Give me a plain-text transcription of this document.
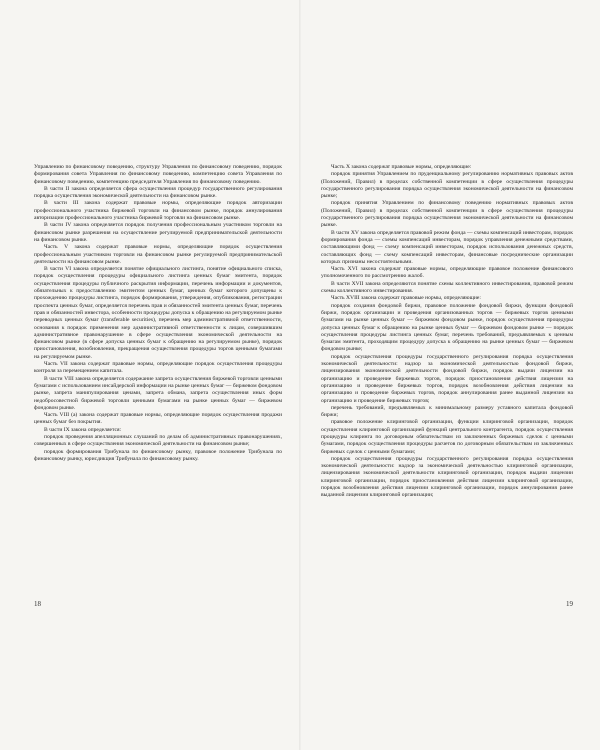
Управлению по финансовому поведению, структуру Управления по финансовому поведению, порядок формирования совета Управления по финансовому поведению, компетенцию совета Управления по финансовому поведению, компетенцию председателя Управления по финансовому поведению.

В части II закона определяется сфера осуществления процедур государственного регулирования порядка осуществления экономической деятельности на финансовом рынке.

В части III закона содержат правовые нормы, определяющие порядок авторизации профессионального участника биржевой торговли на финансовом рынке, порядок аннулирования авторизации профессионального участника биржевой торговли на финансовом рынке.

В части IV закона определяется порядок получения профессиональным участником торговли на финансовом рынке разрешения на осуществление регулируемой предпринимательской деятельности на финансовом рынке.

Часть V закона содержат правовые нормы, определяющие порядок осуществления профессиональным участником торговли на финансовом рынке регулируемой предпринимательской деятельности на финансовом рынке.

В части VI закона определяется понятие официального листинга, понятие официального списка, порядок осуществления процедуры официального листинга ценных бумаг эмитента, порядок осуществления процедуры публичного раскрытия информации, перечень информации и документов, обязательных к предоставлению эмитентом ценных бумаг, ценных бумаг которого допущены к прохождению процедуры листинга, порядок формирования, утверждения, опубликования, регистрации проспекта ценных бумаг, определяется перечень прав и обязанностей эмитента ценных бумаг, перечень прав и обязанностей инвестора, особенности процедуры допуска к обращению на регулируемом рынке переводных ценных бумаг (transferable securities), перечень мер административной ответственности, основания к порядок применения мер административной ответственности к лицам, совершившим административное правонарушение в сфере осуществления экономической деятельности на финансовом рынке (в сфере допуска ценных бумаг к обращению на регулируемом рынке), порядок приостановления, возобновления, прекращения осуществления процедуры торгов ценными бумагами на регулируемом рынке.

Часть VII закона содержат правовые нормы, определяющие порядок осуществления процедуры контроля за перемещением капитала.

В части VIII закона определяется содержание запрета осуществления биржевой торговли ценными бумагами с использованием инсайдерской информации на рынке ценных бумаг — биржевом фондовом рынке, запрета манипулирования ценами, запрета обмана, запрета осуществления иных форм недобросовестной биржевой торговли ценными бумагами на рынке ценных бумаг — биржевом фондовом рынке.

Часть VIII (а) закона содержат правовые нормы, определяющие порядок осуществления продажи ценных бумаг без покрытия.

В части IX закона определяется:

порядок проведения апелляционных слушаний по делам об административных правонарушениях, совершенных в сфере осуществления экономической деятельности на финансовом рынке;

порядок формирования Трибунала по финансовому рынку, правовое положение Трибунала по финансовому рынку, юрисдикция Трибунала по финансовому рынку.

18

Часть X закона содержат правовые нормы, определяющие:

порядок принятия Управлением по пруденциальному регулированию нормативных правовых актов (Положений, Правил) в пределах собственной компетенции в сфере осуществления процедуры государственного регулирования порядка осуществления экономической деятельности на финансовом рынке;

порядок принятия Управлением по финансовому поведению нормативных правовых актов (Положений, Правил) в пределах собственной компетенции в сфере осуществления процедуры государственного регулирования порядка осуществления экономической деятельности на финансовом рынке.

В части XV закона определяется правовой режим фонда — схемы компенсаций инвесторам, порядок формирования фонда — схемы компенсаций инвесторам, порядок управления денежными средствами, составляющими фонд — схему компенсаций инвесторам, порядок использования денежных средств, составляющих фонд — схему компенсаций инвесторам, финансовые посреднические организации которых признаны несостоятельными.

Часть XVI закона содержат правовые нормы, определяющие правовое положение финансового уполномоченного по рассмотрению жалоб.

В части XVII закона определяются понятие схемы коллективного инвестирования, правовой режим схемы коллективного инвестирования.

Часть XVIII закона содержат правовые нормы, определяющие:

порядок создания фондовой биржи, правовое положение фондовой биржи, функции фондовой биржи, порядок организации и проведения организованных торгов — биржевых торгов ценными бумагами на рынке ценных бумаг — биржевом фондовом рынке, порядок осуществления процедуры допуска ценных бумаг к обращению на рынке ценных бумаг — биржевом фондовом рынке — порядок осуществления процедуры листинга ценных бумаг, перечень требований, предъявляемых к ценным бумагам эмитента, проходящим процедуру допуска к обращению на рынке ценных бумаг — биржевом фондовом рынке;

порядок осуществления процедуры государственного регулирования порядка осуществления экономической деятельности: надзор за экономической деятельностью фондовой биржи, лицензирования экономической деятельности фондовой биржи, порядок выдачи лицензии на организацию и проведение биржевых торгов, порядок приостановления действия лицензии на организацию и проведение биржевых торгов, порядок возобновления действия лицензии на организацию и проведение биржевых торгов, порядок аннулирования ранее выданной лицензии на организацию и проведение биржевых торгов;

перечень требований, предъявляемых к минимальному размеру уставного капитала фондовой биржи;

правовое положение клиринговой организации, функции клиринговой организации, порядок осуществления клиринговой организацией функций центрального контрагента, порядок осуществления процедуры клиринга по договорным обязательствам из заключенных биржевых сделок с ценными бумагами, порядок осуществления процедуры расчетов по договорным обязательствам из заключенных биржевых сделок с ценными бумагами;

порядок осуществления процедуры государственного регулирования порядка осуществления экономической деятельности: надзор за экономической деятельностью клиринговой организации, лицензирования экономической деятельности клиринговой организации, порядок выдачи лицензии клиринговой организации, порядок приостановления действия лицензии клиринговой организации, порядок возобновления действия лицензии клиринговой организации, порядок аннулирования ранее выданной лицензии клиринговой организации;

19
